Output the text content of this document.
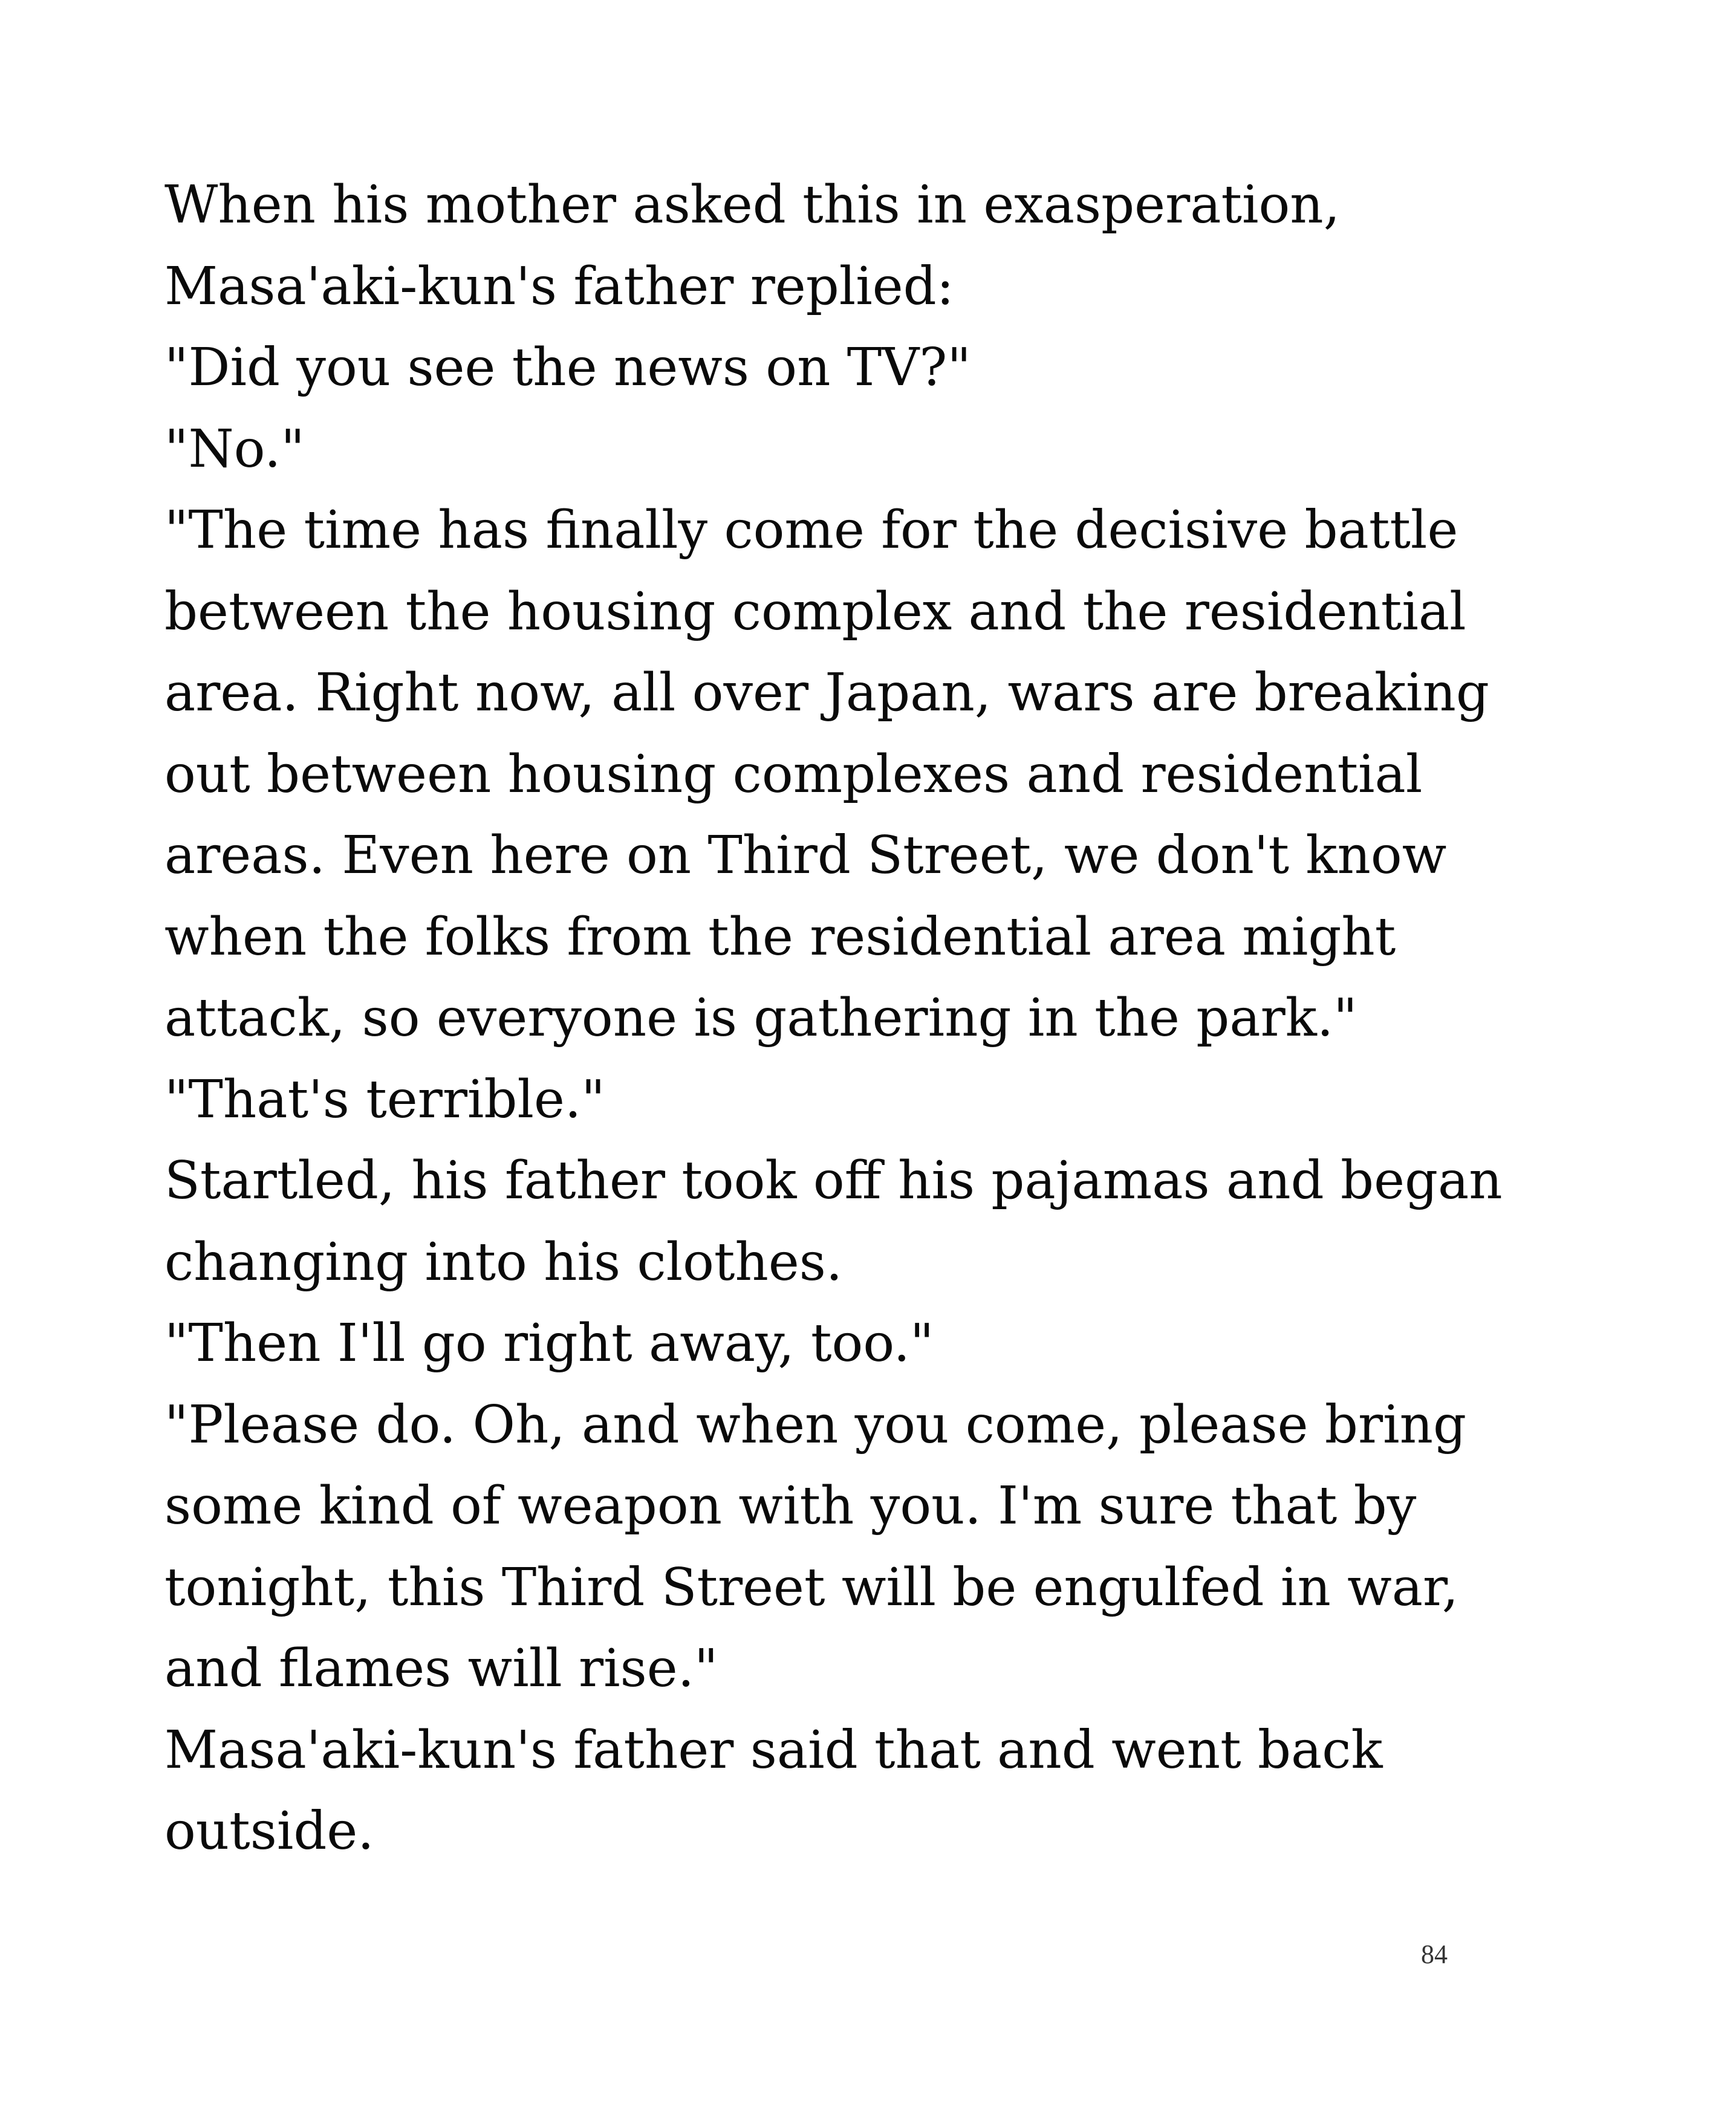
When his mother asked this in exasperation,
Masa'aki-kun's father replied:
"Did you see the news on TV?"
"No."
"The time has finally come for the decisive battle
between the housing complex and the residential
area. Right now, all over Japan, wars are breaking
out between housing complexes and residential
areas. Even here on Third Street, we don't know
when the folks from the residential area might
attack, so everyone is gathering in the park."
"That's terrible."
Startled, his father took off his pajamas and began
changing into his clothes.
"Then I'll go right away, too."
"Please do. Oh, and when you come, please bring
some kind of weapon with you. I'm sure that by
tonight, this Third Street will be engulfed in war,
and flames will rise."
Masa'aki-kun's father said that and went back
outside.
84
